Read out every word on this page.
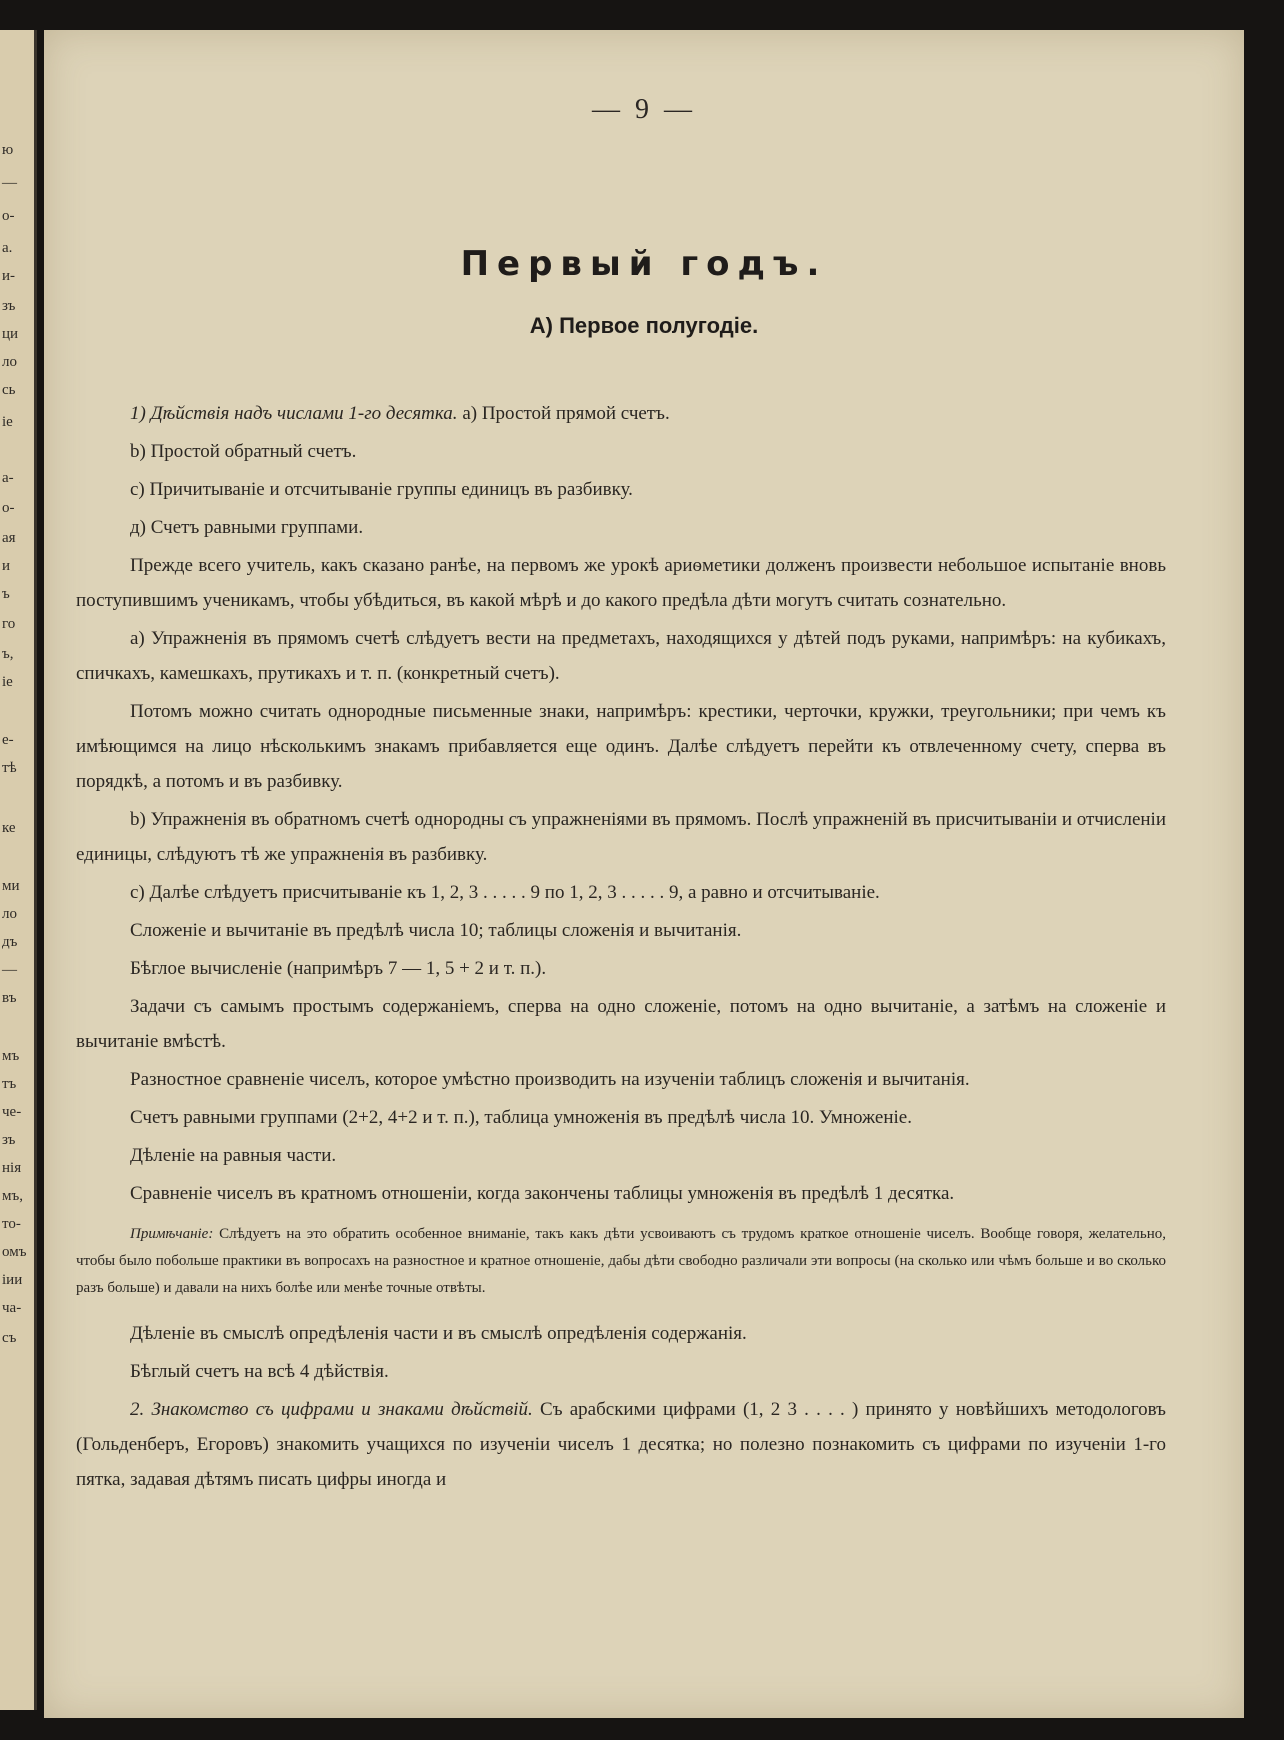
ю
—
о-
а.
и-
зъ
ци
ло
сь
іе
а-
о-
ая
и
ъ
го
ъ,
іе
е-
тѣ
ке
ми
ло
дъ
—
въ
мъ
тъ
че-
зъ
нія
мъ,
то-
омъ
іии
ча-
съ
— 9 —
Первый годъ.
А) Первое полугодіе.

1) Дѣйствія надъ числами 1-го десятка. а) Простой прямой счетъ.

b) Простой обратный счетъ.

c) Причитываніе и отсчитываніе группы единицъ въ разбивку.

д) Счетъ равными группами.

Прежде всего учитель, какъ сказано ранѣе, на первомъ же урокѣ ариѳметики долженъ произвести небольшое испытаніе вновь поступившимъ ученикамъ, чтобы убѣдиться, въ какой мѣрѣ и до какого предѣла дѣти могутъ считать сознательно.

а) Упражненія въ прямомъ счетѣ слѣдуетъ вести на предметахъ, находящихся у дѣтей подъ руками, напримѣръ: на кубикахъ, спичкахъ, камешкахъ, прутикахъ и т. п. (конкретный счетъ).

Потомъ можно считать однородные письменные знаки, напримѣръ: крестики, черточки, кружки, треугольники; при чемъ къ имѣющимся на лицо нѣсколькимъ знакамъ прибавляется еще одинъ. Далѣе слѣдуетъ перейти къ отвлеченному счету, сперва въ порядкѣ, а потомъ и въ разбивку.

b) Упражненія въ обратномъ счетѣ однородны съ упражненіями въ прямомъ. Послѣ упражненій въ присчитываніи и отчисленіи единицы, слѣдуютъ тѣ же упражненія въ разбивку.

c) Далѣе слѣдуетъ присчитываніе къ 1, 2, 3 . . . . . 9 по 1, 2, 3 . . . . . 9, а равно и отсчитываніе.

Сложеніе и вычитаніе въ предѣлѣ числа 10; таблицы сложенія и вычитанія.

Бѣглое вычисленіе (напримѣръ 7 — 1, 5 + 2 и т. п.).

Задачи съ самымъ простымъ содержаніемъ, сперва на одно сложеніе, потомъ на одно вычитаніе, а затѣмъ на сложеніе и вычитаніе вмѣстѣ.

Разностное сравненіе чиселъ, которое умѣстно производить на изученіи таблицъ сложенія и вычитанія.

Счетъ равными группами (2+2, 4+2 и т. п.), таблица умноженія въ предѣлѣ числа 10. Умноженіе.

Дѣленіе на равныя части.

Сравненіе чиселъ въ кратномъ отношеніи, когда закончены таблицы умноженія въ предѣлѣ 1 десятка.

Примѣчаніе: Слѣдуетъ на это обратить особенное вниманіе, такъ какъ дѣти усвоиваютъ съ трудомъ краткое отношеніе чиселъ. Вообще говоря, желательно, чтобы было побольше практики въ вопросахъ на разностное и кратное отношеніе, дабы дѣти свободно различали эти вопросы (на сколько или чѣмъ больше и во сколько разъ больше) и давали на нихъ болѣе или менѣе точные отвѣты.

Дѣленіе въ смыслѣ опредѣленія части и въ смыслѣ опредѣленія содержанія.

Бѣглый счетъ на всѣ 4 дѣйствія.

2. Знакомство съ цифрами и знаками дѣйствій. Съ арабскими цифрами (1, 2 3 . . . . ) принято у новѣйшихъ методологовъ (Гольденберъ, Егоровъ) знакомить учащихся по изученіи чиселъ 1 десятка; но полезно познакомить съ цифрами по изученіи 1-го пятка, задавая дѣтямъ писать цифры иногда и
